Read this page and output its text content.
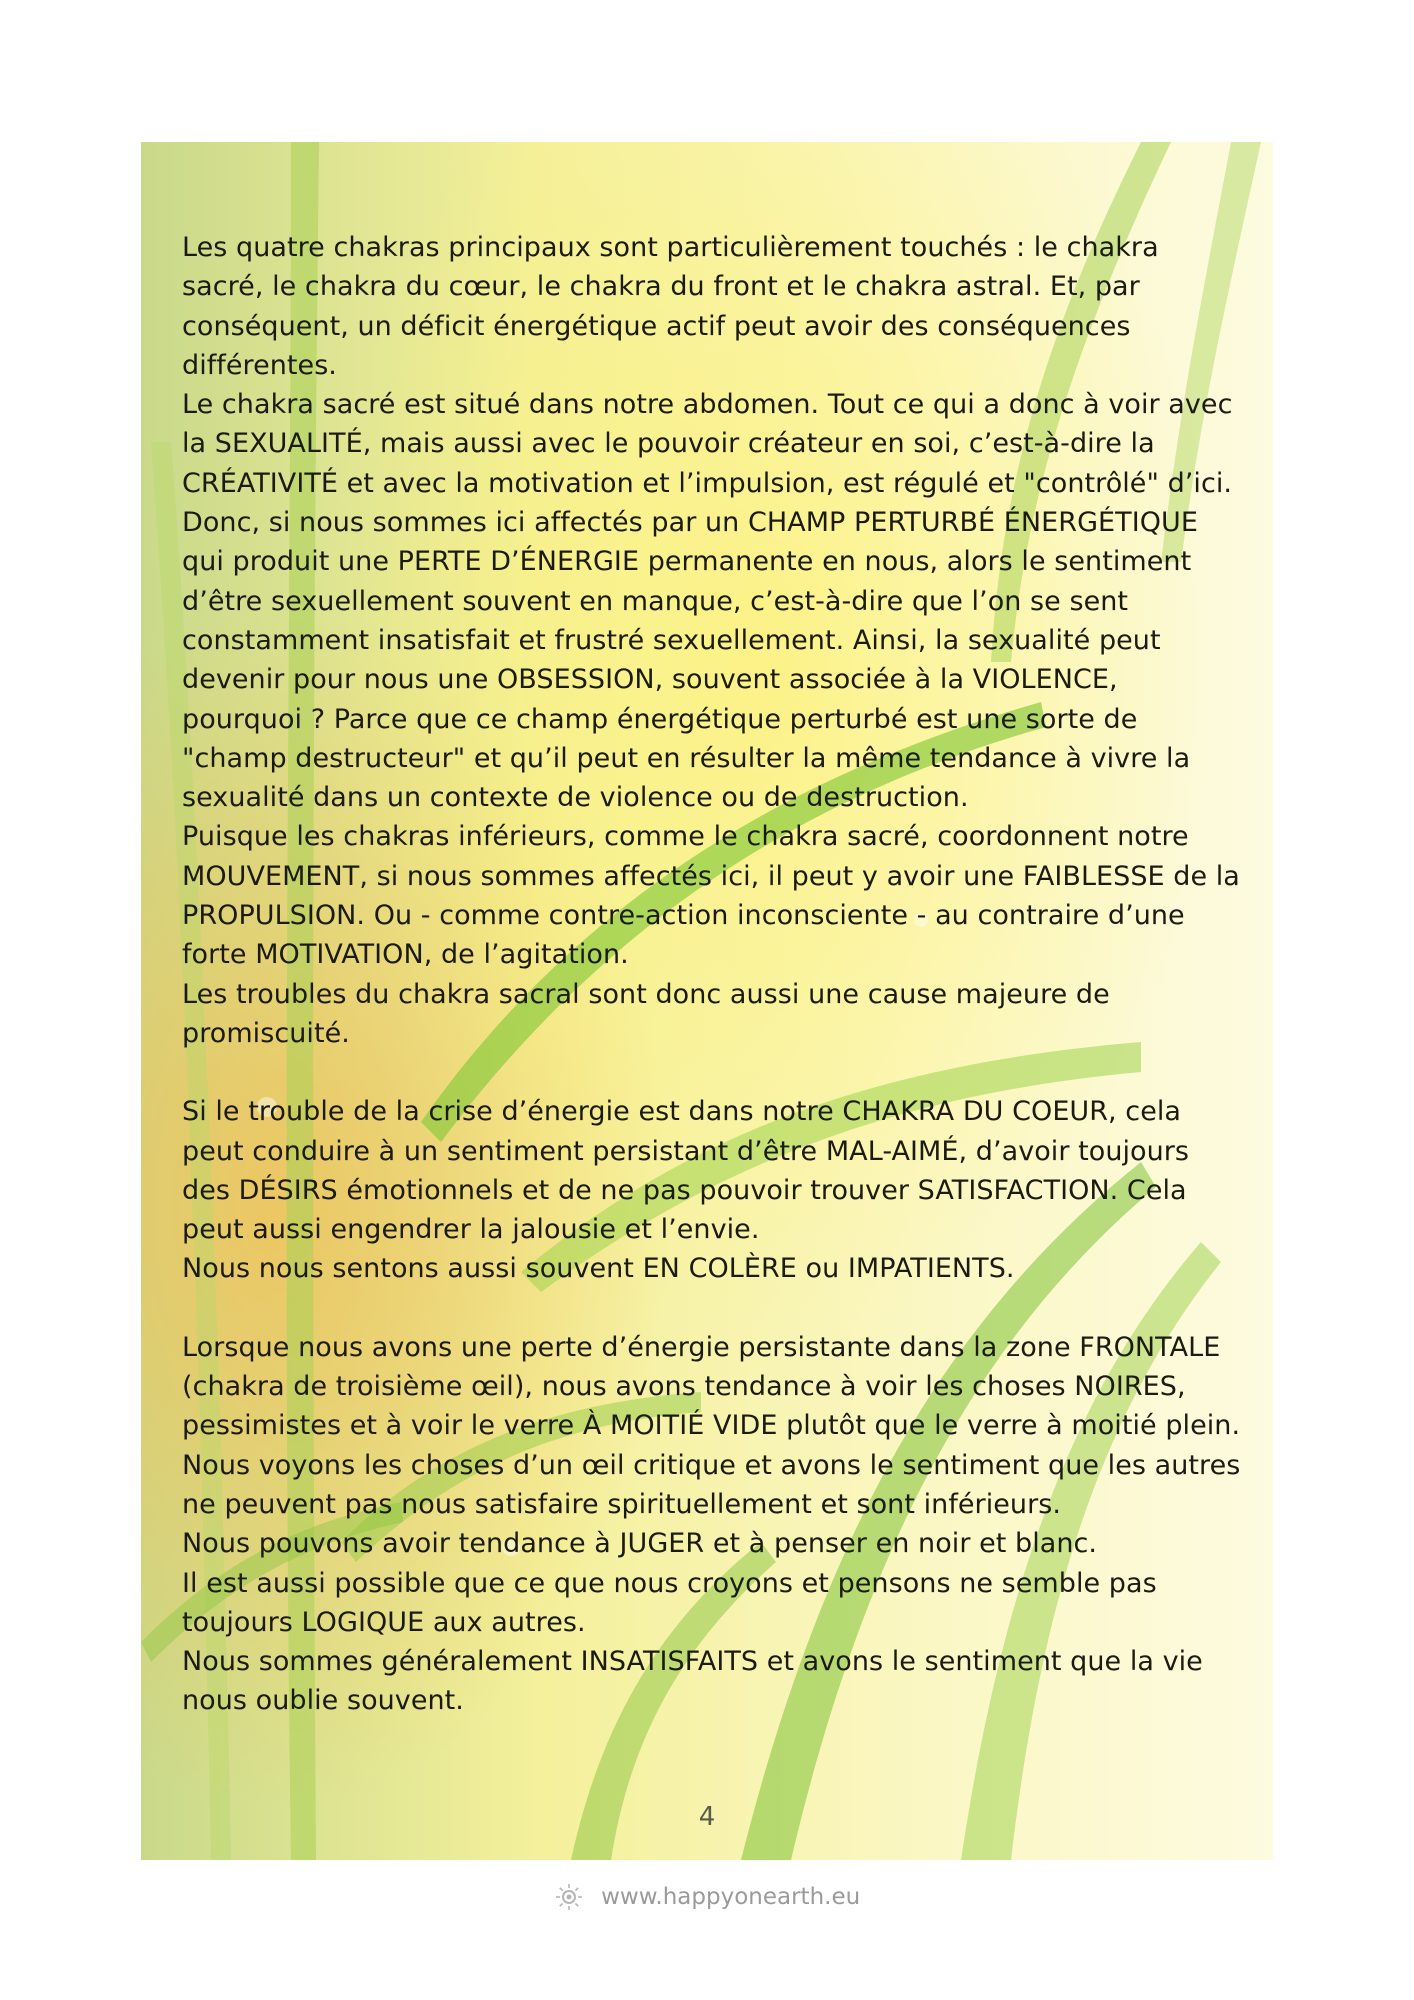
Les quatre chakras principaux sont particulièrement touchés : le chakra sacré, le chakra du cœur, le chakra du front et le chakra astral. Et, par conséquent, un déficit énergétique actif peut avoir des conséquences différentes.

Le chakra sacré est situé dans notre abdomen. Tout ce qui a donc à voir avec la SEXUALITÉ, mais aussi avec le pouvoir créateur en soi, c’est-à-dire la CRÉATIVITÉ et avec la motivation et l’impulsion, est régulé et "contrôlé" d’ici. Donc, si nous sommes ici affectés par un CHAMP PERTURBÉ ÉNERGÉTIQUE qui produit une PERTE D’ÉNERGIE permanente en nous, alors le sentiment d’être sexuellement souvent en manque, c’est-à-dire que l’on se sent constamment insatisfait et frustré sexuellement. Ainsi, la sexualité peut devenir pour nous une OBSESSION, souvent associée à la VIOLENCE, pourquoi ? Parce que ce champ énergétique perturbé est une sorte de "champ destructeur" et qu’il peut en résulter la même tendance à vivre la sexualité dans un contexte de violence ou de destruction.

Puisque les chakras inférieurs, comme le chakra sacré, coordonnent notre MOUVEMENT, si nous sommes affectés ici, il peut y avoir une FAIBLESSE de la PROPULSION. Ou - comme contre-action inconsciente - au contraire d’une forte MOTIVATION, de l’agitation.

Les troubles du chakra sacral sont donc aussi une cause majeure de promiscuité.

Si le trouble de la crise d’énergie est dans notre CHAKRA DU COEUR, cela peut conduire à un sentiment persistant d’être MAL-AIMÉ, d’avoir toujours des DÉSIRS émotionnels et de ne pas pouvoir trouver SATISFACTION. Cela peut aussi engendrer la jalousie et l’envie.

Nous nous sentons aussi souvent EN COLÈRE ou IMPATIENTS.

Lorsque nous avons une perte d’énergie persistante dans la zone FRONTALE (chakra de troisième œil), nous avons tendance à voir les choses NOIRES, pessimistes et à voir le verre À MOITIÉ VIDE plutôt que le verre à moitié plein. Nous voyons les choses d’un œil critique et avons le sentiment que les autres ne peuvent pas nous satisfaire spirituellement et sont inférieurs.

Nous pouvons avoir tendance à JUGER et à penser en noir et blanc.

Il est aussi possible que ce que nous croyons et pensons ne semble pas toujours LOGIQUE aux autres.

Nous sommes généralement INSATISFAITS et avons le sentiment que la vie nous oublie souvent.

4
www.happyonearth.eu
